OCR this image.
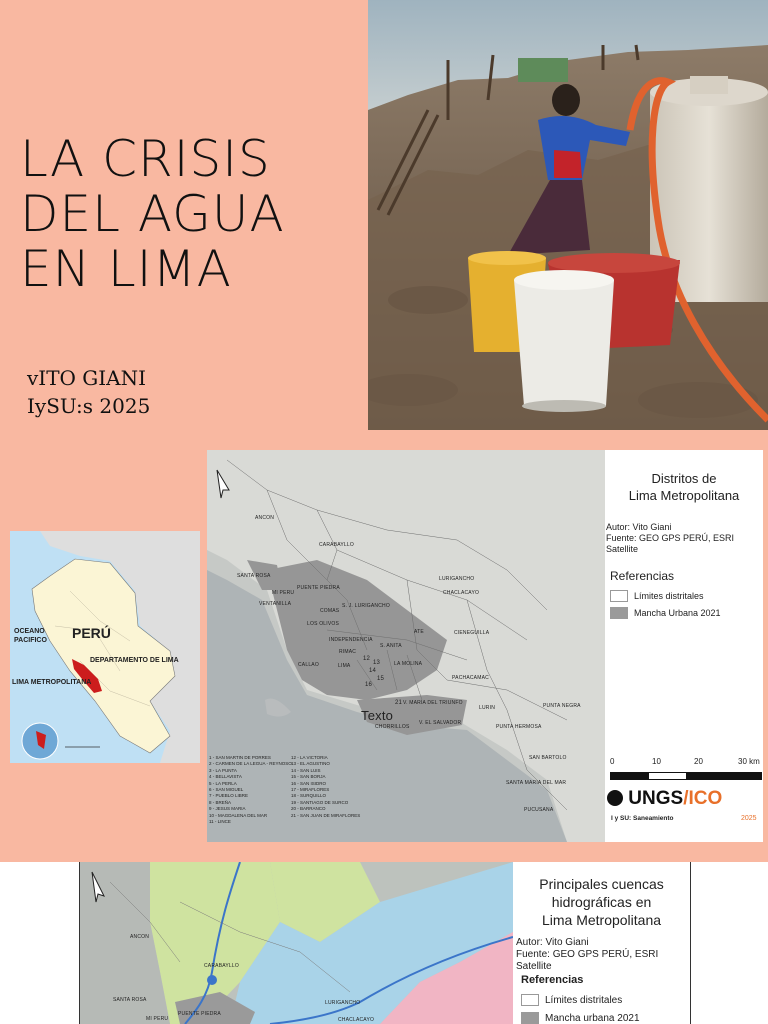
LA CRISIS DEL AGUA EN LIMA
vITO GIANI
IySU:s 2025
PERÚ
OCEANO
PACIFICO
DEPARTAMENTO DE LIMA
LIMA METROPOLITANA
ANCON
CARABAYLLO
SANTA ROSA
PUENTE PIEDRA
MI PERU
VENTANILLA
COMAS
S. J. LURIGANCHO
LURIGANCHO
CHACLACAYO
LOS OLIVOS
INDEPENDENCIA
RIMAC
S. ANITA
ATE	CIENEGUILLA
CALLAO	LIMA	LA MOLINA
PACHACAMAC
V. MARIA DEL TRIUNFO
V. EL SALVADOR
CHORRILLOS
LURIN	PUNTA NEGRA
PUNTA HERMOSA
SAN BARTOLO
SANTA MARIA DEL MAR
PUCUSANA
12
13
14
15
16
21
Texto
1 - SAN MARTIN DE PORRES
2 - CARMEN DE LA LEGUA - REYNOSO
3 - LA PUNTA
4 - BELLAVISTA
5 - LA PERLA
6 - SAN MIGUEL
7 - PUEBLO LIBRE
8 - BREÑA
9 - JESUS MARIA
10 - MAGDALENA DEL MAR
11 - LINCE
12 - LA VICTORIA
13 - EL AGUSTINO
14 - SAN LUIS
15 - SAN BORJA
16 - SAN ISIDRO
17 - MIRAFLORES
18 - SURQUILLO
19 - SANTIAGO DE SURCO
20 - BARRANCO
21 - SAN JUAN DE MIRAFLORES
Distritos de
Lima Metropolitana
Autor: Vito Giani
Fuente: GEO GPS PERÚ, ESRI Satellite
Referencias
Límites distritales
Mancha Urbana 2021
0	10	20	30 km
UNGS/ICO
I y SU: Saneamiento	2025
ANCON
CARABAYLLO
SANTA ROSA
PUENTE PIEDRA
MI PERU
LURIGANCHO
CHACLACAYO
Principales cuencas
hidrográficas en
Lima Metropolitana
Autor: Vito Giani
Fuente: GEO GPS PERÚ, ESRI Satellite
Referencias
Límites distritales
Mancha urbana 2021
